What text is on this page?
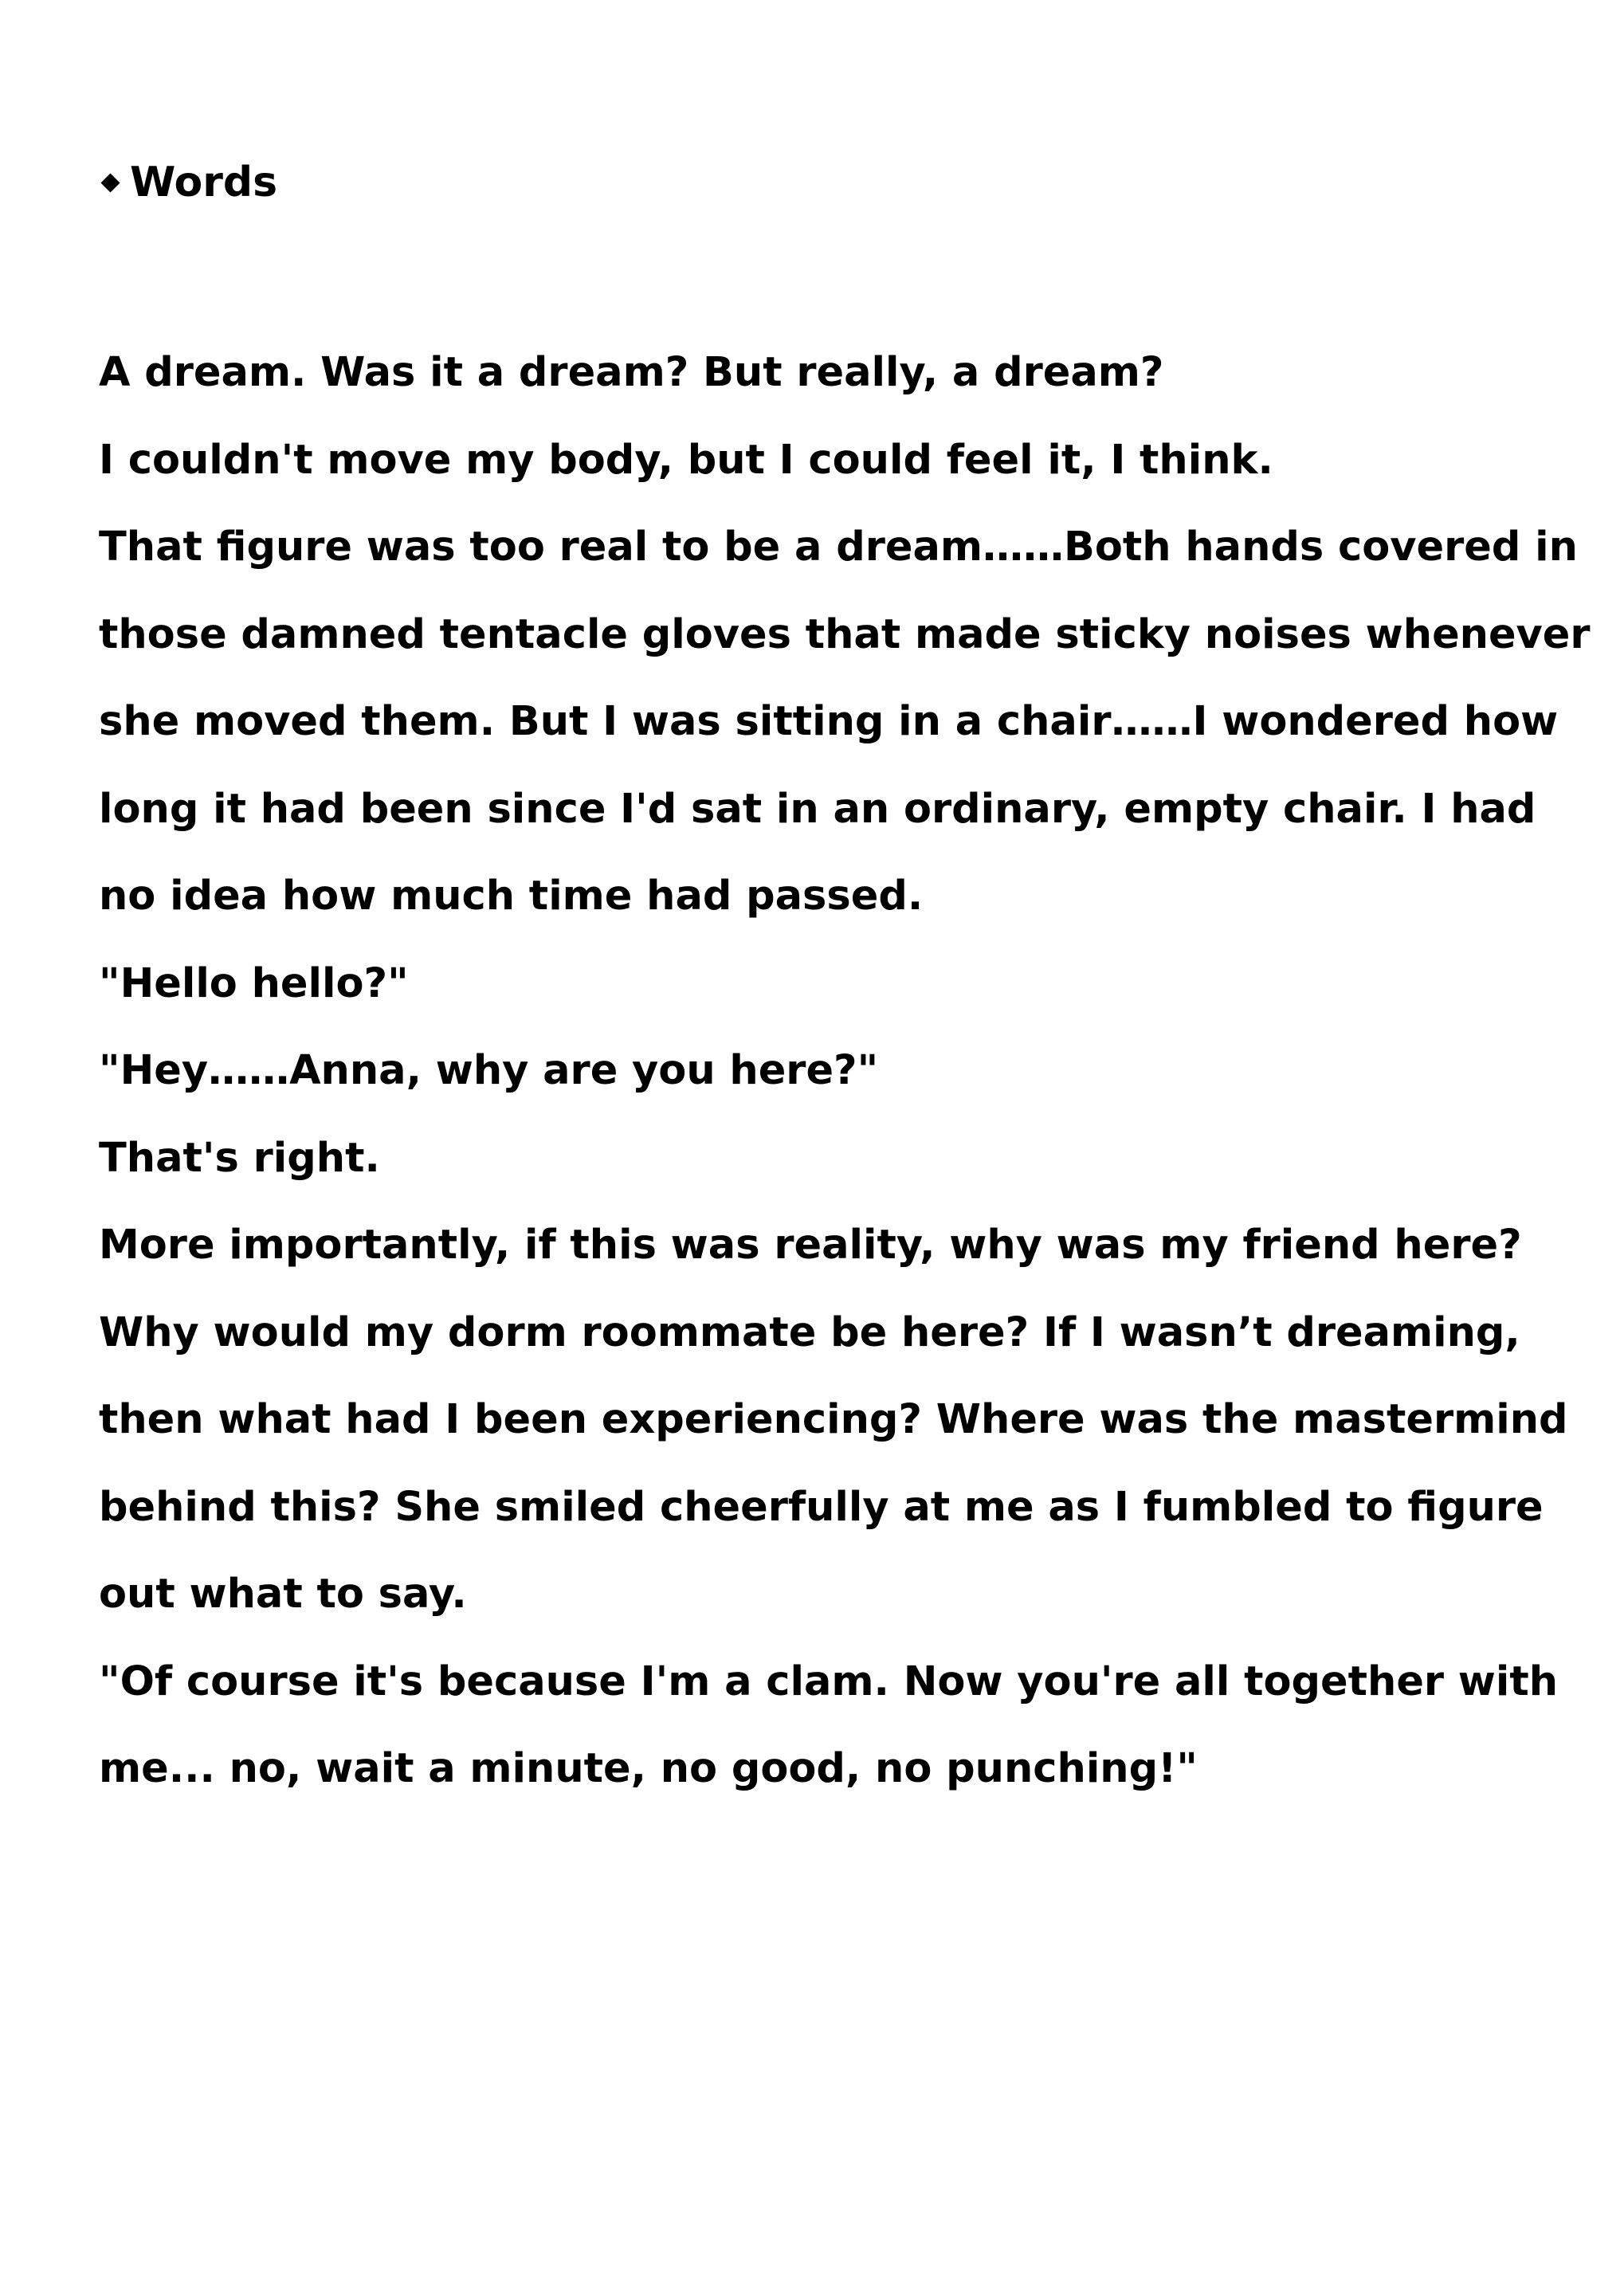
Words

A dream. Was it a dream? But really, a dream?

I couldn't move my body, but I could feel it, I think.

That figure was too real to be a dream……Both hands covered in those damned tentacle gloves that made sticky noises whenever she moved them. But I was sitting in a chair……I wondered how long it had been since I'd sat in an ordinary, empty chair. I had no idea how much time had passed.

"Hello hello?"

"Hey……Anna, why are you here?"

That's right.

More importantly, if this was reality, why was my friend here?

Why would my dorm roommate be here? If I wasn’t dreaming, then what had I been experiencing? Where was the mastermind behind this? She smiled cheerfully at me as I fumbled to figure out what to say.

"Of course it's because I'm a clam. Now you're all together with me... no, wait a minute, no good, no punching!"
